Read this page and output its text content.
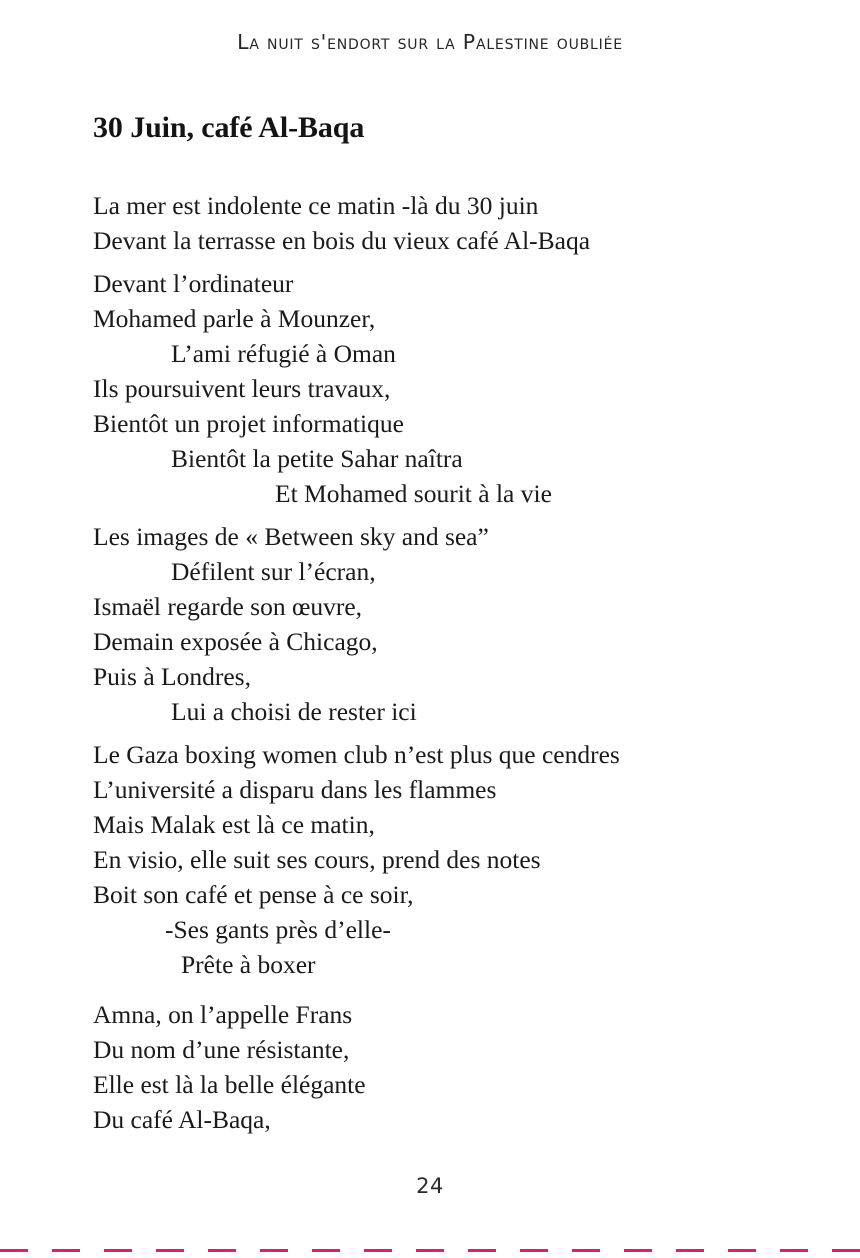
La nuit s'endort sur la Palestine oubliée
30 Juin, café Al-Baqa
La mer est indolente ce matin -là du 30 juin
Devant la terrasse en bois du vieux café Al-Baqa
Devant l’ordinateur
Mohamed parle à Mounzer,
L’ami réfugié à Oman
Ils poursuivent leurs travaux,
Bientôt un projet informatique
Bientôt la petite Sahar naîtra
Et Mohamed sourit à la vie
Les images de « Between sky and sea”
Défilent sur l’écran,
Ismaël regarde son œuvre,
Demain exposée à Chicago,
Puis à Londres,
Lui a choisi de rester ici
Le Gaza boxing women club n’est plus que cendres
L’université a disparu dans les flammes
Mais Malak est là ce matin,
En visio, elle suit ses cours, prend des notes
Boit son café et pense à ce soir,
-Ses gants près d’elle-
Prête à boxer
Amna, on l’appelle Frans
Du nom d’une résistante,
Elle est là la belle élégante
Du café Al-Baqa,
24
